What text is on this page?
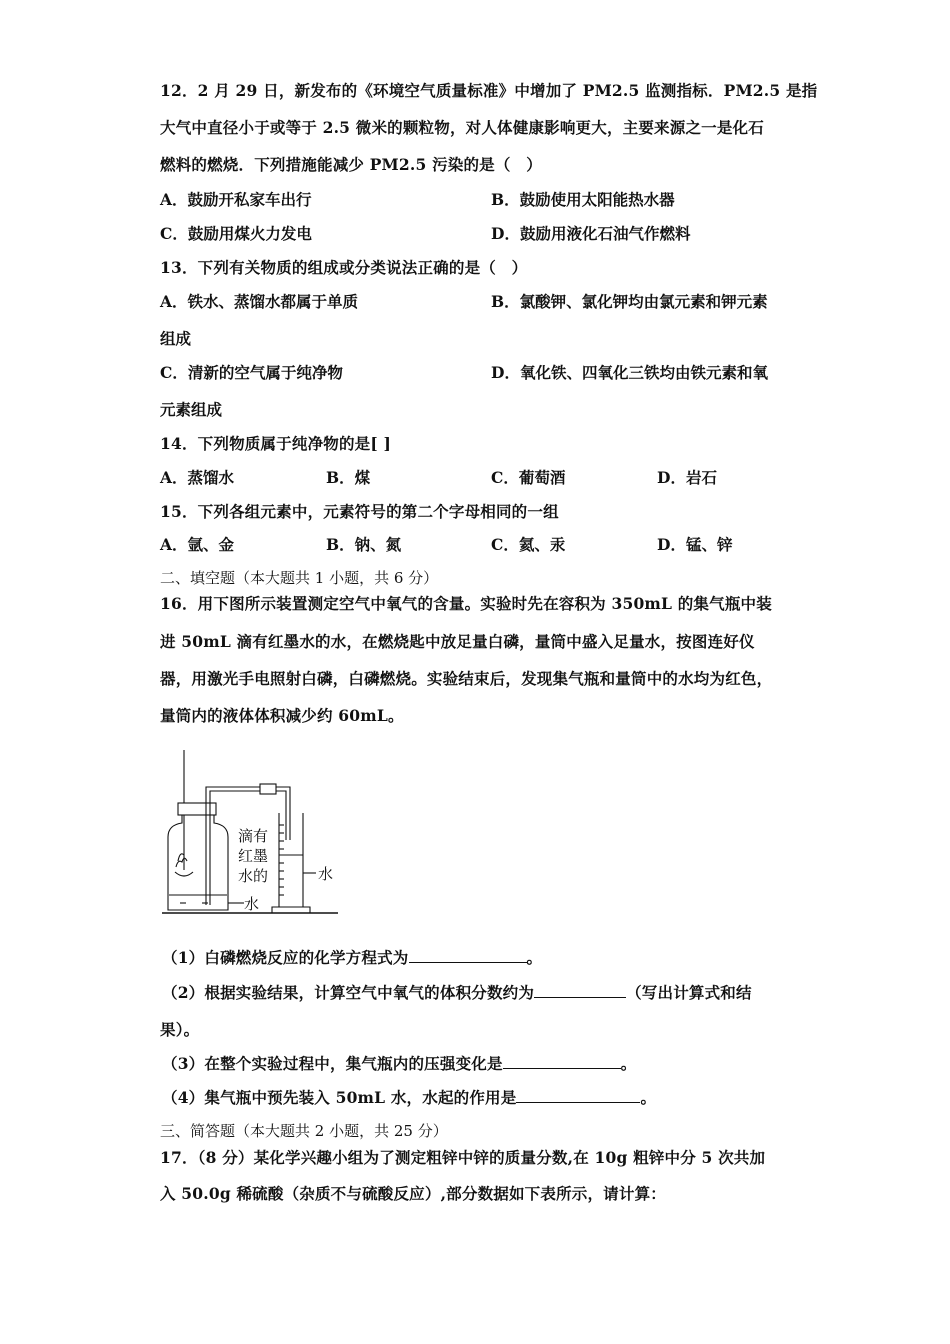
12．2 月 29 日，新发布的《环境空气质量标准》中增加了 PM2.5 监测指标．PM2.5 是指
大气中直径小于或等于 2.5 微米的颗粒物，对人体健康影响更大，主要来源之一是化石
燃料的燃烧．下列措施能减少 PM2.5 污染的是（　）
A．鼓励开私家车出行	B．鼓励使用太阳能热水器
C．鼓励用煤火力发电	D．鼓励用液化石油气作燃料
13．下列有关物质的组成或分类说法正确的是（　）
A．铁水、蒸馏水都属于单质	B．氯酸钾、氯化钾均由氯元素和钾元素
组成
C．清新的空气属于纯净物	D．氧化铁、四氧化三铁均由铁元素和氧
元素组成
14．下列物质属于纯净物的是[ ]
A．蒸馏水	B．煤	C．葡萄酒	D．岩石
15．下列各组元素中，元素符号的第二个字母相同的一组
A．氩、金	B．钠、氮	C．氦、汞	D．锰、锌
二、填空题（本大题共 1 小题，共 6 分）
16．用下图所示装置测定空气中氧气的含量。实验时先在容积为 350mL 的集气瓶中装
进 50mL 滴有红墨水的水，在燃烧匙中放足量白磷，量筒中盛入足量水，按图连好仪
器，用激光手电照射白磷，白磷燃烧。实验结束后，发现集气瓶和量筒中的水均为红色，
量筒内的液体体积减少约 60mL。
滴有
红墨
水的
水
水
（1）白磷燃烧反应的化学方程式为	。
（2）根据实验结果，计算空气中氧气的体积分数约为	（写出计算式和结
果）。
（3）在整个实验过程中，集气瓶内的压强变化是	。
（4）集气瓶中预先装入 50mL 水，水起的作用是	。
三、简答题（本大题共 2 小题，共 25 分）
17．（8 分）某化学兴趣小组为了测定粗锌中锌的质量分数,在 10g 粗锌中分 5 次共加
入 50.0g 稀硫酸（杂质不与硫酸反应）,部分数据如下表所示，请计算：
